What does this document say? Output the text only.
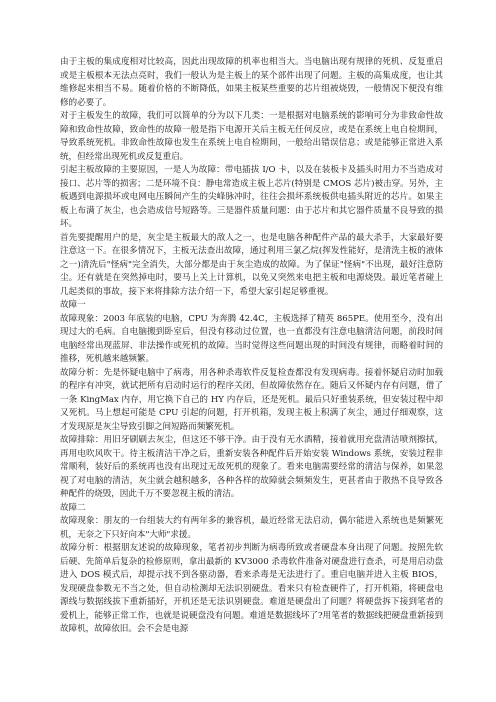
由于主板的集成度相对比较高，因此出现故障的机率也相当大。当电脑出现有规律的死机、反复重启或是主板根本无法点亮时，我们一般认为是主板上的某个部件出现了问题。主板的高集成度，也让其维修起来相当不易。随着价格的不断降低，如果主板某些重要的芯片组被烧毁，一般情况下便没有维修的必要了。

对于主板发生的故障，我们可以简单的分为以下几类：一是根据对电脑系统的影响可分为非致命性故障和致命性故障，致命性的故障一般是指下电源开关后主板无任何反应，或是在系统上电自检期间，导致系统死机。非致命性故障也发生在系统上电自检期间，一般给出错误信息；或是能够正常进入系统，但经常出现死机或反复重启。

引起主板故障的主要原因，一是人为故障：带电插拔 I/O 卡，以及在装板卡及插头时用力不当造成对接口、芯片等的损害；二是环境不良：静电常造成主板上芯片(特别是 CMOS 芯片)被击穿。另外，主板遇到电源损坏或电网电压瞬间产生的尖峰脉冲时，往往会损坏系统板供电插头附近的芯片。如果主板上布满了灰尘，也会造成信号短路等。三是器件质量问题：由于芯片和其它器件质量不良导致的损坏。

首先要提醒用户的是，灰尘是主板最大的敌人之一，也是电脑各种配件产品的最大杀手，大家最好要注意这一下。在很多情况下，主板无法查出故障，通过利用三氯乙烷(挥发性能好，是清洗主板的液体之一)清洗后"怪病"完全消失，大部分都是由于灰尘造成的故障。为了保证"怪病"不出现，最好注意防尘。还有就是在突然掉电时，要马上关上计算机，以免又突然来电把主板和电源烧毁。最近笔者碰上几起类似的事故，接下来将排除方法介绍一下，希望大家引起足够重视。

故障一

故障现象：2003 年底装的电脑，CPU 为奔腾 42.4C，主板选择了精英 865PE。使用至今，没有出现过大的毛病。自电脑搬到卧室后，但没有移动过位置，也一直都没有注意电脑清洁问题，前段时间电脑经常出现蓝屏、非法操作或死机的故障。当时觉得这些问题出现的时间没有规律，而略着时间的推移，死机越来越频繁。

故障分析：先是怀疑电脑中了病毒，用各种杀毒软件反复检查都没有发现病毒。接着怀疑启动时加载的程序有冲突，就试把所有启动时运行的程序关闭，但故障依然存在。随后又怀疑内存有问题，借了一条 KingMax 内存，用它换下自己的 HY 内存后，还是死机。最后只好重装系统，但安装过程中却又死机。马上想起可能是 CPU 引起的问题，打开机箱，发现主板上积满了灰尘，通过仔细观察，这才发现原是灰尘导致引脚之间短路而频繁死机。

故障排除：用旧牙刷刷去灰尘，但这还不够干净。由于没有无水酒精，接着就用充盘清洁喷剂擦拭，再用电吹风吹干。待主板清洁干净之后，重新安装各种配件后开始安装 Windows 系统，安装过程非常顺利，装好后的系统再也没有出现过无故死机的现象了。看来电脑需要经常的清洁与保养，如果忽视了对电脑的清洁，灰尘就会越积越多，各种各样的故障就会频频发生，更甚者由于散热不良导致各种配件的烧毁，因此千万不要忽视主板的清洁。

故障二

故障现象：朋友的一台组装大约有两年多的兼容机，最近经常无法启动，偶尔能进入系统也是频繁死机，无奈之下只好向本"大师"求援。

故障分析：根据朋友述说的故障现象，笔者初步判断为病毒所致或者硬盘本身出现了问题。按照先软后硬、先简单后复杂的检修原则，拿出最新的 KV3000 杀毒软件准备对硬盘进行查杀，可是用启动盘进入 DOS 模式后，却提示找不到各驱动器，看来杀毒是无法进行了。重启电脑并进入主板 BIOS，发现硬盘参数无不当之处，但自动检测却无法识别硬盘。看来只有检查硬件了，打开机箱，将硬盘电源线与数据线拔下重新插好，开机还是无法识别硬盘。难道是硬盘出了问题？将硬盘拆下接到笔者的爱机上，能够正常工作，也就是说硬盘没有问题。难道是数据线坏了?用笔者的数据线把硬盘重新接到故障机，故障依旧。会不会是电源
